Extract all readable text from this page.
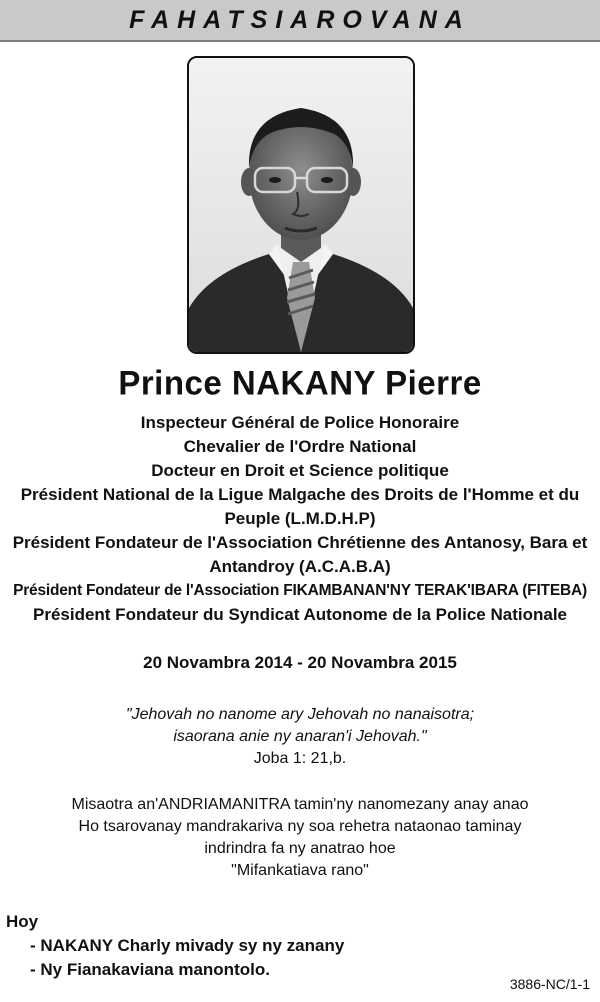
FAHATSIAROVANA
Prince NAKANY Pierre
Inspecteur Général de Police Honoraire
Chevalier de l'Ordre National
Docteur en Droit et Science politique
Président National de la Ligue Malgache des Droits de l'Homme et du
Peuple (L.M.D.H.P)
Président Fondateur de l'Association Chrétienne des Antanosy, Bara et
Antandroy (A.C.A.B.A)
Président Fondateur de l'Association FIKAMBANAN'NY TERAK'IBARA (FITEBA)
Président Fondateur du Syndicat Autonome de la Police Nationale
20 Novambra 2014 - 20 Novambra 2015
"Jehovah no nanome ary Jehovah no nanaisotra;
isaorana anie ny anaran'i Jehovah."
Joba 1: 21,b.
Misaotra an'ANDRIAMANITRA tamin'ny nanomezany anay anao
Ho tsarovanay mandrakariva ny soa rehetra nataonao taminay
indrindra fa ny anatrao hoe
"Mifankatiava rano"
Hoy
- NAKANY Charly mivady sy ny zanany
- Ny Fianakaviana manontolo.
3886-NC/1-1
